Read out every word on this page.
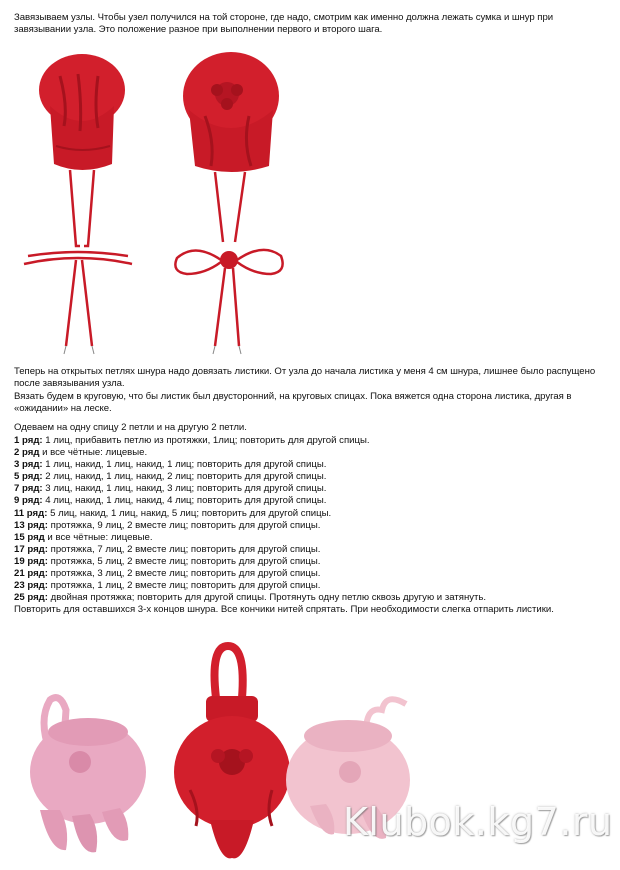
Завязываем узлы. Чтобы узел получился на той стороне, где надо, смотрим как именно должна лежать сумка и шнур при завязывании узла. Это положение разное при выполнении первого и второго шага.
Теперь на открытых петлях шнура надо довязать листики. От узла до начала листика у меня 4 см шнура, лишнее было распущено после завязывания узла.
Вязать будем в круговую, что бы листик был двусторонний, на круговых спицах. Пока вяжется одна сторона листика, другая в «ожидании» на леске.
Одеваем на одну спицу 2 петли и на другую 2 петли.
1 ряд: 1 лиц, прибавить петлю из протяжки, 1лиц; повторить для другой спицы.
2 ряд и все чётные: лицевые.
3 ряд: 1 лиц, накид, 1 лиц, накид, 1 лиц; повторить для другой спицы.
5 ряд: 2 лиц, накид, 1 лиц, накид, 2 лиц; повторить для другой спицы.
7 ряд: 3 лиц, накид, 1 лиц, накид, 3 лиц; повторить для другой спицы.
9 ряд: 4 лиц, накид, 1 лиц, накид, 4 лиц; повторить для другой спицы.
11 ряд: 5 лиц, накид, 1 лиц, накид, 5 лиц; повторить для другой спицы.
13 ряд: протяжка, 9 лиц, 2 вместе лиц; повторить для другой спицы.
15 ряд и все чётные: лицевые.
17 ряд: протяжка, 7 лиц, 2 вместе лиц; повторить для другой спицы.
19 ряд: протяжка, 5 лиц, 2 вместе лиц; повторить для другой спицы.
21 ряд: протяжка, 3 лиц, 2 вместе лиц; повторить для другой спицы.
23 ряд: протяжка, 1 лиц, 2 вместе лиц; повторить для другой спицы.
25 ряд: двойная протяжка; повторить для другой спицы. Протянуть одну петлю сквозь другую и затянуть.
Повторить для оставшихся 3-х концов шнура. Все кончики нитей спрятать. При необходимости слегка отпарить листики.
Klubok.kg7.ru
